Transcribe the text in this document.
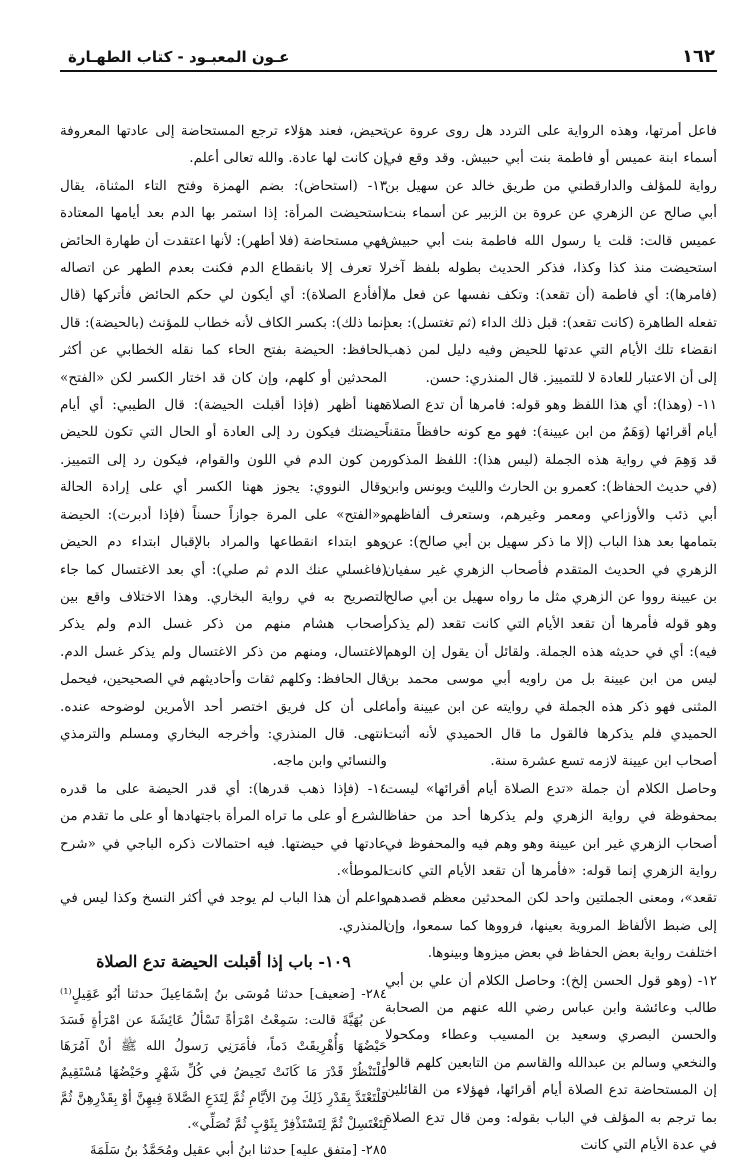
١٦٢
عـون المعبـود - كتاب الطهـارة

فاعل أمرتها، وهذه الرواية على التردد هل روى عروة عن أسماء ابنة عميس أو فاطمة بنت أبي حبيش. وقد وقع في رواية للمؤلف والدارقطني من طريق خالد عن سهيل بن أبي صالح عن الزهري عن عروة بن الزبير عن أسماء بنت عميس قالت: قلت يا رسول الله فاطمة بنت أبي حبيش استحيضت منذ كذا وكذا، فذكر الحديث بطوله بلفظ آخر (فامرها): أي فاطمة (أن تقعد): وتكف نفسها عن فعل ما تفعله الطاهرة (كانت تقعد): قبل ذلك الداء (ثم تغتسل): بعد انقضاء تلك الأيام التي عدتها للحيض وفيه دليل لمن ذهب إلى أن الاعتبار للعادة لا للتمييز. قال المنذري: حسن.

١١- (وهذا): أي هذا اللفظ وهو قوله: فامرها أن تدع الصلاة أيام أقرائها (وَهَمٌ من ابن عيينة): فهو مع كونه حافظاً متقناً قد وَهِمَ في رواية هذه الجملة (ليس هذا): اللفظ المذكور (في حديث الحفاظ): كعمرو بن الحارث والليث ويونس وابن أبي ذئب والأوزاعي ومعمر وغيرهم، وستعرف ألفاظهم بتمامها بعد هذا الباب (إلا ما ذكر سهيل بن أبي صالح): عن الزهري في الحديث المتقدم فأصحاب الزهري غير سفيان بن عيينة رووا عن الزهري مثل ما رواه سهيل بن أبي صالح وهو قوله فأمرها أن تقعد الأيام التي كانت تقعد (لم يذكر فيه): أي في حديثه هذه الجملة. ولقائل أن يقول إن الوهم ليس من ابن عيينة بل من راويه أبي موسى محمد بن المثنى فهو ذكر هذه الجملة في روايته عن ابن عيينة وأما الحميدي فلم يذكرها فالقول ما قال الحميدي لأنه أثبت أصحاب ابن عيينة لازمه تسع عشرة سنة.

وحاصل الكلام أن جملة «تدع الصلاة أيام أقرائها» ليست بمحفوظة في رواية الزهري ولم يذكرها أحد من حفاظ أصحاب الزهري غير ابن عيينة وهو وهم فيه والمحفوظ في رواية الزهري إنما قوله: «فأمرها أن تقعد الأيام التي كانت تقعد»، ومعنى الجملتين واحد لكن المحدثين معظم قصدهم إلى ضبط الألفاظ المروية بعينها، فرووها كما سمعوا، وإن اختلفت رواية بعض الحفاظ في بعض ميزوها وبينوها.

١٢- (وهو قول الحسن إلخ): وحاصل الكلام أن علي بن أبي طالب وعائشة وابن عباس رضي الله عنهم من الصحابة والحسن البصري وسعيد بن المسيب وعطاء ومكحولا والنخعي وسالم بن عبدالله والقاسم من التابعين كلهم قالوا إن المستحاضة تدع الصلاة أيام أقرائها، فهؤلاء من القائلين بما ترجم به المؤلف في الباب بقوله: ومن قال تدع الصلاة في عدة الأيام التي كانت

تحيض، فعند هؤلاء ترجع المستحاضة إلى عادتها المعروفة إن كانت لها عادة. والله تعالى أعلم.

١٣- (استحاض): بضم الهمزة وفتح التاء المثناة، يقال استحيضت المرأة: إذا استمر بها الدم بعد أيامها المعتادة فهي مستحاضة (فلا أطهر): لأنها اعتقدت أن طهارة الحائض لا تعرف إلا بانقطاع الدم فكنت بعدم الطهر عن اتصاله (أفأدع الصلاة): أي أيكون لي حكم الحائض فأتركها (قال إنما ذلك): بكسر الكاف لأنه خطاب للمؤنث (بالحيضة): قال الحافظ: الحيضة بفتح الحاء كما نقله الخطابي عن أكثر المحدثين أو كلهم، وإن كان قد اختار الكسر لكن «الفتح» ههنا أظهر (فإذا أقبلت الحيضة): قال الطيبي: أي أيام حيضتك فيكون رد إلى العادة أو الحال التي تكون للحيض من كون الدم في اللون والقوام، فيكون رد إلى التمييز. وقال النووي: يجوز ههنا الكسر أي على إرادة الحالة و«الفتح» على المرة جوازاً حسناً (فإذا أدبرت): الحيضة وهو ابتداء انقطاعها والمراد بالإقبال ابتداء دم الحيض (فاغسلي عنك الدم ثم صلي): أي بعد الاغتسال كما جاء التصريح به في رواية البخاري. وهذا الاختلاف واقع بين أصحاب هشام منهم من ذكر غسل الدم ولم يذكر الاغتسال، ومنهم من ذكر الاغتسال ولم يذكر غسل الدم. قال الحافظ: وكلهم ثقات وأحاديثهم في الصحيحين، فيحمل على أن كل فريق اختصر أحد الأمرين لوضوحه عنده. انتهى. قال المنذري: وأخرجه البخاري ومسلم والترمذي والنسائي وابن ماجه.

١٤- (فإذا ذهب قدرها): أي قدر الحيضة على ما قدره الشرع أو على ما تراه المرأة باجتهادها أو على ما تقدم من عادتها في حيضتها. فيه احتمالات ذكره الباجي في «شرح الموطأ».

واعلم أن هذا الباب لم يوجد في أكثر النسخ وكذا ليس في المنذري.

١٠٩- باب إذا أقبلت الحيضة تدع الصلاة

٢٨٤- [ضعيف] حدثنا مُوسَى بنُ إسْمَاعِيلَ حدثنا أبُو عَقِيلٍ⁽¹⁾ عن بُهَيَّةَ قالت: سَمِعْتُ امْرَأةً تَسْألُ عَائِشَةَ عن امْرَأةٍ فَسَدَ حَيْضُهَا وَأُهْرِيقَتْ دَماً، فأمَرَنِي رَسولُ الله ﷺ أنْ آمُرَهَا فَلْتَنْظُرْ قَدْرَ مَا كَانَتْ تَحِيضُ في كُلِّ شَهْرٍ وحَيْضُهَا مُسْتَقِيمٌ فَلْتَعْتَدَّ بِقَدْرِ ذَلِكَ مِنَ الأيَّامِ ثُمَّ لِتَدَعِ الصَّلاةَ فِيهِنَّ أوْ بِقَدْرِهِنَّ ثُمَّ لِتَغْتَسِلْ ثُمَّ لِتَسْتَذْفِرْ بِثَوْبٍ ثُمَّ تُصَلِّي».

٢٨٥- [متفق عليه] حدثنا ابنُ أبي عقيل ومُحَمَّدُ بنُ سَلَمَةَ
